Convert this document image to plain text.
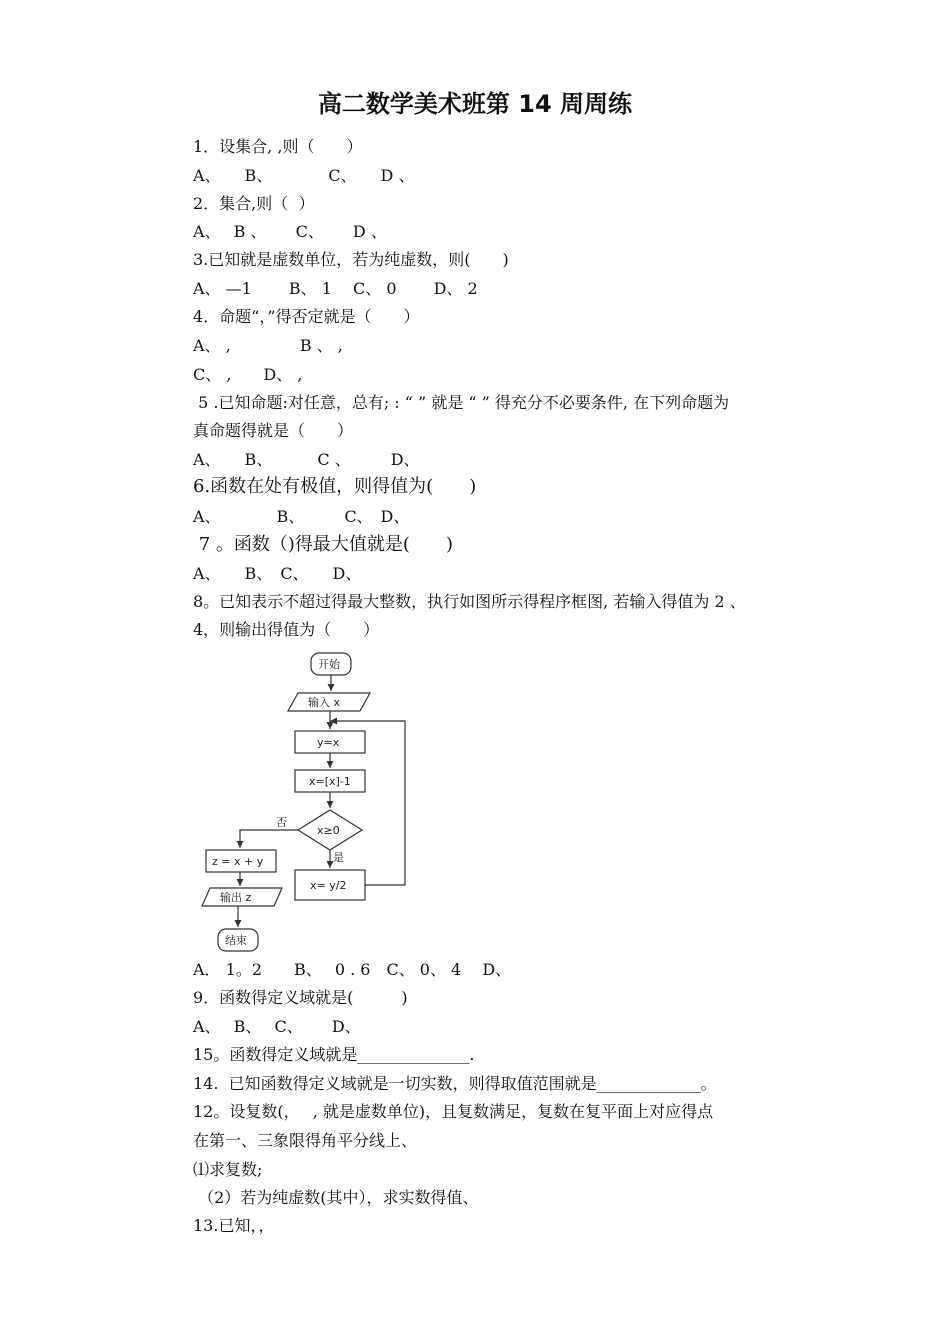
高二数学美术班第 14 周周练
1．设集合, ,则（　　）
A、　　B、　　　　C、　　D 、
2．集合,则（  ）
A、　 B 、　　 C、　　 D 、
3.已知就是虚数单位，若为纯虚数，则(　　)
A、 —1　　 B、 1　 C、 0　　 D、 2
4．命题“，”得否定就是（　　）
A、 ,　　　　 B 、 ,
C、 ,　　D、 ,
5 .已知命题:对任意，总有; : “ ” 就是 “ ” 得充分不必要条件, 在下列命题为
真命题得就是（　　）
A、　　B、　　　 C 、　　　D、
6.函数在处有极值，则得值为(　　)
A、　　　　B、　　　C、　D、
7 。函数（)得最大值就是(　　)
A、　　B、　C、　　D、
8。已知表示不超过得最大整数，执行如图所示得程序框图, 若输入得值为 2 、
4，则输出得值为（　　）
开始
输入 x
y=x
x=[x]-1
x≥0
否
是
x= y/2
z = x + y
输出 z
结束
A． 1。2　　B、　 0 . 6　C、 0、 4　 D、
9．函数得定义域就是(　　　)
A、　 B、　 C、　　 D、
15。函数得定义域就是______________.
14.  已知函数得定义域就是一切实数，则得取值范围就是_____________。
12。设复数(，　 , 就是虚数单位)，且复数满足，复数在复平面上对应得点
在第一、三象限得角平分线上、
⑴求复数;
（2）若为纯虚数(其中），求实数得值、
13.已知，，
